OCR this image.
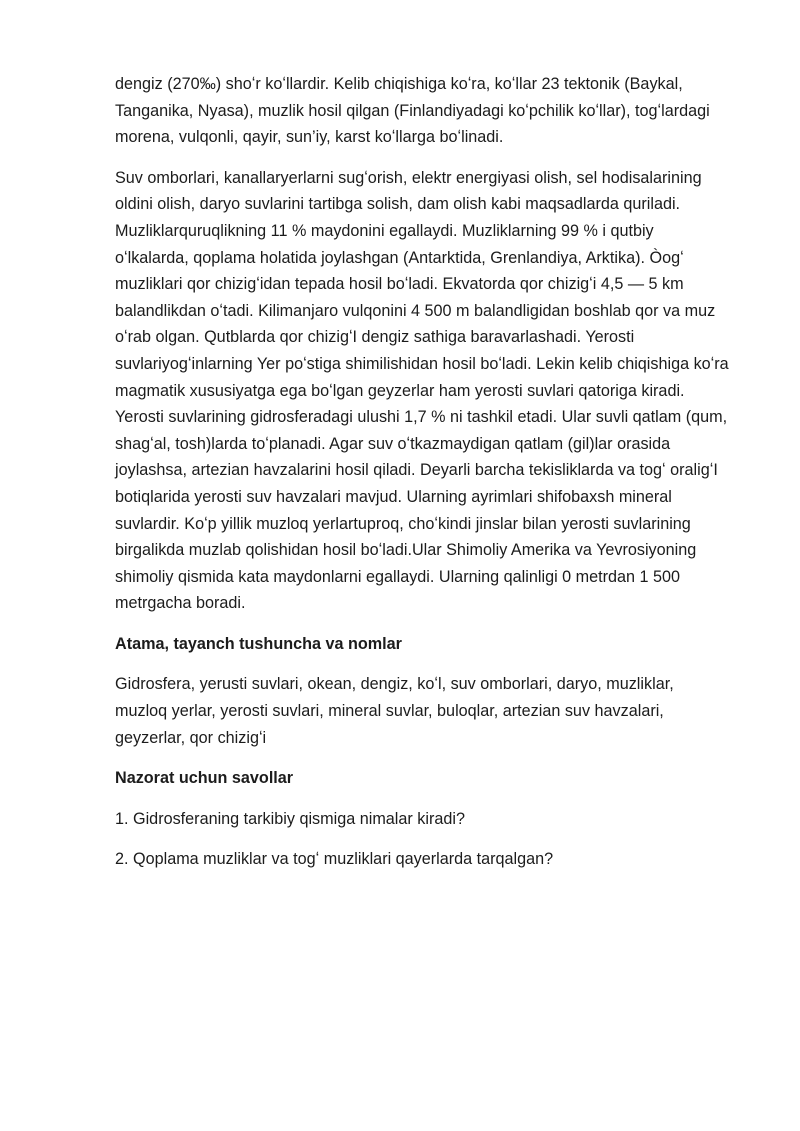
dengiz (270‰) shoʻr koʻllardir. Kelib chiqishiga koʻra, koʻllar 23 tektonik (Baykal, Tanganika, Nyasa), muzlik hosil qilgan (Finlandiyadagi koʻpchilik koʻllar), togʻlardagi morena, vulqonli, qayir, sun’iy, karst koʻllarga boʻlinadi.

Suv omborlari, kanallaryerlarni sugʻorish, elektr energiyasi olish, sel hodisalarining oldini olish, daryo suvlarini tartibga solish, dam olish kabi maqsadlarda quriladi. Muzliklarquruqlikning 11 % maydonini egallaydi. Muzliklarning 99 % i qutbiy oʻlkalarda, qoplama holatida joylashgan (Antarktida, Grenlandiya, Arktika). Òogʻ muzliklari qor chizigʻidan tepada hosil boʻladi. Ekvatorda qor chizigʻi 4,5 — 5 km balandlikdan oʻtadi. Kilimanjaro vulqonini 4 500 m balandligidan boshlab qor va muz oʻrab olgan. Qutblarda qor chizigʻI dengiz sathiga baravarlashadi. Yerosti suvlariyogʻinlarning Yer poʻstiga shimilishidan hosil boʻladi. Lekin kelib chiqishiga koʻra magmatik xususiyatga ega boʻlgan geyzerlar ham yerosti suvlari qatoriga kiradi. Yerosti suvlarining gidrosferadagi ulushi 1,7 % ni tashkil etadi. Ular suvli qatlam (qum, shagʻal, tosh)larda toʻplanadi. Agar suv oʻtkazmaydigan qatlam (gil)lar orasida joylashsa, artezian havzalarini hosil qiladi. Deyarli barcha tekisliklarda va togʻ oraligʻI botiqlarida yerosti suv havzalari mavjud. Ularning ayrimlari shifobaxsh mineral suvlardir. Koʻp yillik muzloq yerlartuproq, choʻkindi jinslar bilan yerosti suvlarining birgalikda muzlab qolishidan hosil boʻladi.Ular Shimoliy Amerika va Yevrosiyoning shimoliy qismida kata maydonlarni egallaydi. Ularning qalinligi 0 metrdan 1 500 metrgacha boradi.

Atama, tayanch tushuncha va nomlar

Gidrosfera, yerusti suvlari, okean, dengiz, koʻl, suv omborlari, daryo, muzliklar, muzloq yerlar, yerosti suvlari, mineral suvlar, buloqlar, artezian suv havzalari, geyzerlar, qor chizigʻi

Nazorat uchun savollar

1. Gidrosferaning tarkibiy qismiga nimalar kiradi?

2. Qoplama muzliklar va togʻ muzliklari qayerlarda tarqalgan?
